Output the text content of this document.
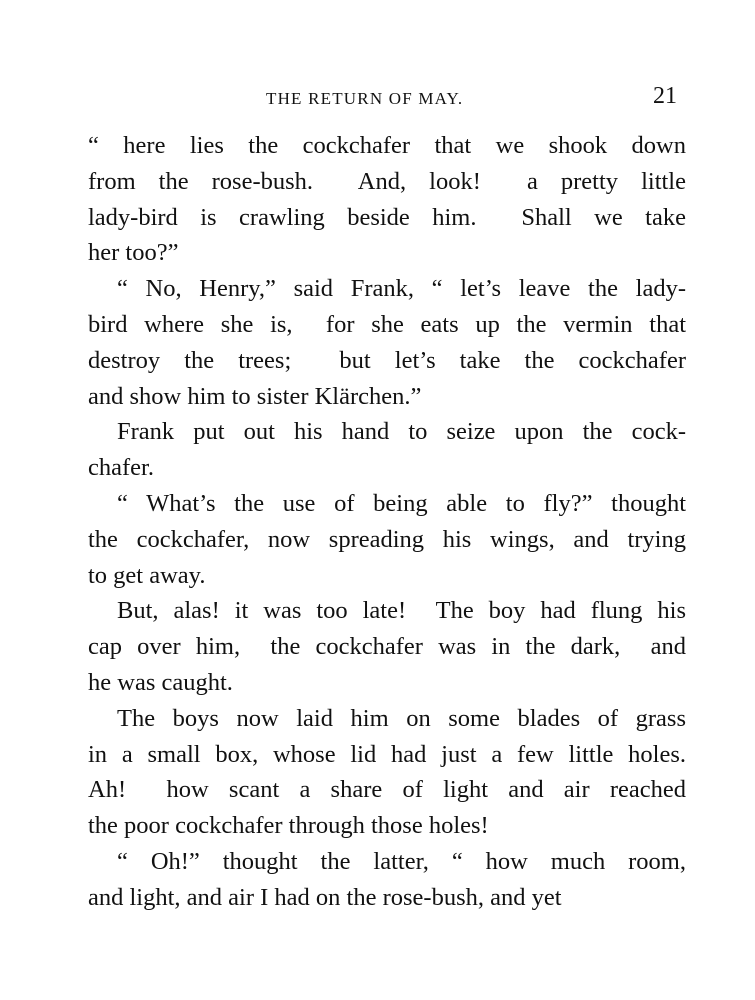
THE RETURN OF MAY.	21
“ here lies the cockchafer that we shook down
from the rose-bush.  And, look!  a pretty little
lady-bird is crawling beside him.  Shall we take
her too?”
“ No, Henry,” said Frank, “ let’s leave the lady-
bird where she is,  for she eats up the vermin that
destroy the trees;  but let’s take the cockchafer
and show him to sister Klärchen.”
Frank put out his hand to seize upon the cock-
chafer.
“ What’s the use of being able to fly?” thought
the cockchafer, now spreading his wings, and trying
to get away.
But, alas! it was too late!  The boy had flung his
cap over him,  the cockchafer was in the dark,  and
he was caught.
The boys now laid him on some blades of grass
in a small box, whose lid had just a few little holes.
Ah!  how scant a share of light and air reached
the poor cockchafer through those holes!
“ Oh!” thought the latter, “ how much room,
and light, and air I had on the rose-bush, and yet
